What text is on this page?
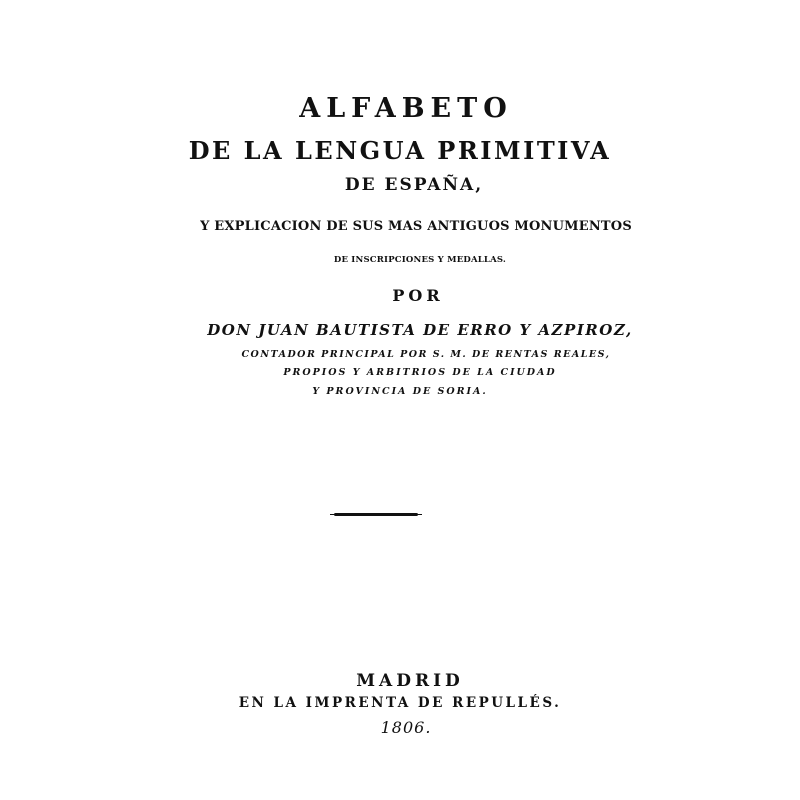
ALFABETO
DE LA LENGUA PRIMITIVA
DE ESPAÑA,
Y EXPLICACION DE SUS MAS ANTIGUOS MONUMENTOS
DE INSCRIPCIONES Y MEDALLAS.
POR
DON JUAN BAUTISTA DE ERRO Y AZPIROZ,
CONTADOR PRINCIPAL POR S. M. DE RENTAS REALES,
PROPIOS Y ARBITRIOS DE LA CIUDAD
Y PROVINCIA DE SORIA.
MADRID
EN LA IMPRENTA DE REPULLÉS.
1806.
